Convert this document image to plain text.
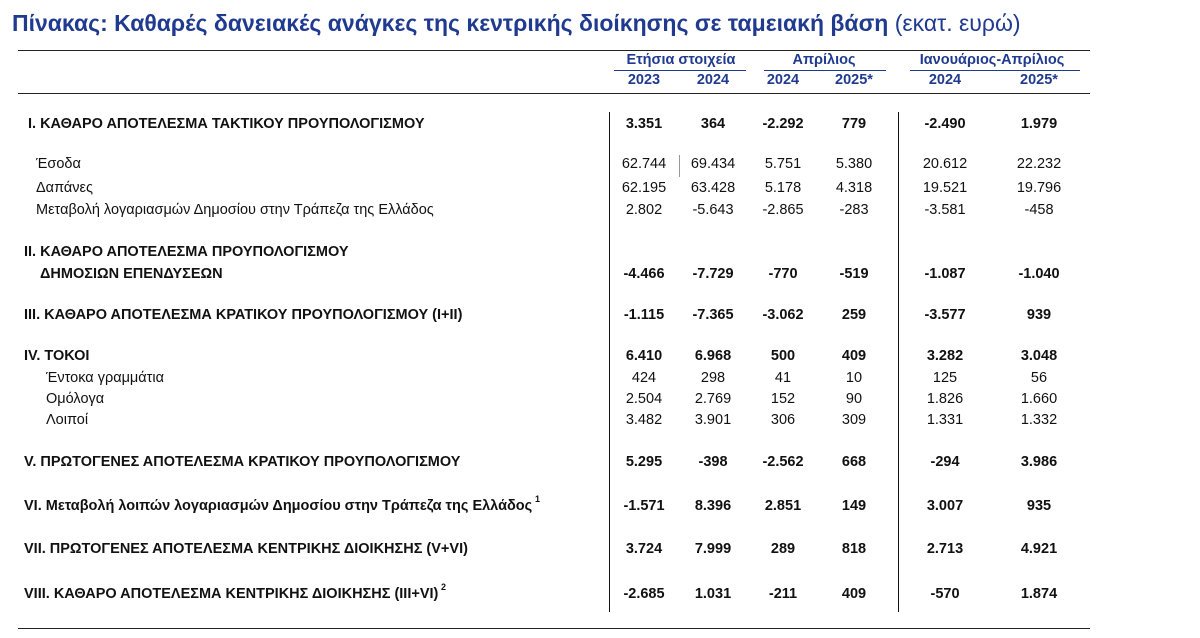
Πίνακας: Καθαρές δανειακές ανάγκες της κεντρικής διοίκησης σε ταμειακή βάση (εκατ. ευρώ)
Ετήσια στοιχεία	Απρίλιος	Ιανουάριος-Απρίλιος
2023	2024	2024	2025*	2024	2025*
I. ΚΑΘΑΡΟ ΑΠΟΤΕΛΕΣΜΑ ΤΑΚΤΙΚΟΥ ΠΡΟΥΠΟΛΟΓΙΣΜΟΥ	3.351	364	-2.292	779	-2.490	1.979
Έσοδα	62.744	69.434	5.751	5.380	20.612	22.232
Δαπάνες	62.195	63.428	5.178	4.318	19.521	19.796
Μεταβολή λογαριασμών Δημοσίου στην Τράπεζα της Ελλάδος	2.802	-5.643	-2.865	-283	-3.581	-458
II. ΚΑΘΑΡΟ ΑΠΟΤΕΛΕΣΜΑ ΠΡΟΥΠΟΛΟΓΙΣΜΟΥ
ΔΗΜΟΣΙΩΝ ΕΠΕΝΔΥΣΕΩΝ	-4.466	-7.729	-770	-519	-1.087	-1.040
III. ΚΑΘΑΡΟ ΑΠΟΤΕΛΕΣΜΑ ΚΡΑΤΙΚΟΥ ΠΡΟΥΠΟΛΟΓΙΣΜΟΥ (I+II)	-1.115	-7.365	-3.062	259	-3.577	939
IV. ΤΟΚΟΙ	6.410	6.968	500	409	3.282	3.048
Έντοκα γραμμάτια	424	298	41	10	125	56
Ομόλογα	2.504	2.769	152	90	1.826	1.660
Λοιποί	3.482	3.901	306	309	1.331	1.332
V. ΠΡΩΤΟΓΕΝΕΣ ΑΠΟΤΕΛΕΣΜΑ ΚΡΑΤΙΚΟΥ ΠΡΟΥΠΟΛΟΓΙΣΜΟΥ	5.295	-398	-2.562	668	-294	3.986
VI. Μεταβολή λοιπών λογαριασμών Δημοσίου στην Τράπεζα της Ελλάδος 1	-1.571	8.396	2.851	149	3.007	935
VII. ΠΡΩΤΟΓΕΝΕΣ ΑΠΟΤΕΛΕΣΜΑ ΚΕΝΤΡΙΚΗΣ ΔΙΟΙΚΗΣΗΣ (V+VI)	3.724	7.999	289	818	2.713	4.921
VIII. ΚΑΘΑΡΟ ΑΠΟΤΕΛΕΣΜΑ ΚΕΝΤΡΙΚΗΣ ΔΙΟΙΚΗΣΗΣ (III+VI) 2	-2.685	1.031	-211	409	-570	1.874
